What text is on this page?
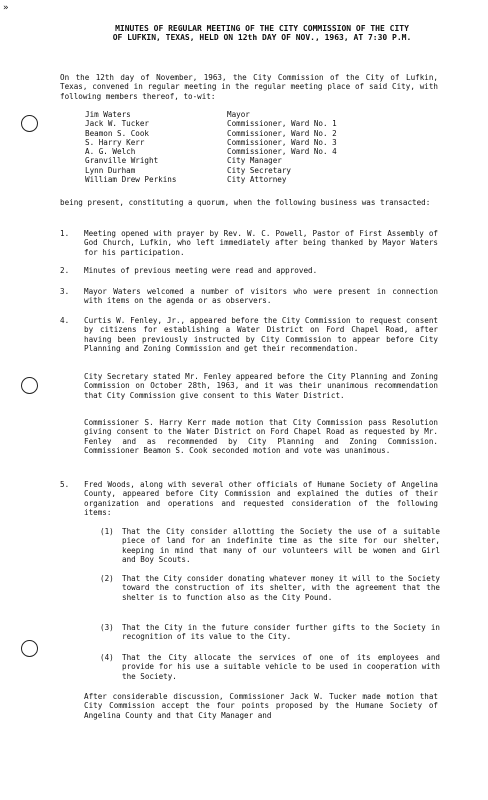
»
MINUTES OF REGULAR MEETING OF THE CITY COMMISSION OF THE CITY
OF LUFKIN, TEXAS, HELD ON 12th DAY OF NOV., 1963, AT 7:30 P.M.
On the 12th day of November, 1963, the City Commission of the City of Lufkin, Texas, convened in regular meeting in the regular meeting place of said City, with following members thereof, to-wit:
Jim Waters	Mayor
Jack W. Tucker	Commissioner, Ward No. 1
Beamon S. Cook	Commissioner, Ward No. 2
S. Harry Kerr	Commissioner, Ward No. 3
A. G. Welch	Commissioner, Ward No. 4
Granville Wright	City Manager
Lynn Durham	City Secretary
William Drew Perkins	City Attorney
being present, constituting a quorum, when the following business was transacted:
1. Meeting opened with prayer by Rev. W. C. Powell, Pastor of First Assembly of God Church, Lufkin, who left immediately after being thanked by Mayor Waters for his participation.
2. Minutes of previous meeting were read and approved.
3. Mayor Waters welcomed a number of visitors who were present in connection with items on the agenda or as observers.
4. Curtis W. Fenley, Jr., appeared before the City Commission to request consent by citizens for establishing a Water District on Ford Chapel Road, after having been previously instructed by City Commission to appear before City Planning and Zoning Commission and get their recommendation.
City Secretary stated Mr. Fenley appeared before the City Planning and Zoning Commission on October 28th, 1963, and it was their unanimous recommendation that City Commission give consent to this Water District.
Commissioner S. Harry Kerr made motion that City Commission pass Resolution giving consent to the Water District on Ford Chapel Road as requested by Mr. Fenley and as recommended by City Planning and Zoning Commission. Commissioner Beamon S. Cook seconded motion and vote was unanimous.
5. Fred Woods, along with several other officials of Humane Society of Angelina County, appeared before City Commission and explained the duties of their organization and operations and requested consideration of the following items:
(1) That the City consider allotting the Society the use of a suitable piece of land for an indefinite time as the site for our shelter, keeping in mind that many of our volunteers will be women and Girl and Boy Scouts.
(2) That the City consider donating whatever money it will to the Society toward the construction of its shelter, with the agreement that the shelter is to function also as the City Pound.
(3) That the City in the future consider further gifts to the Society in recognition of its value to the City.
(4) That the City allocate the services of one of its employees and provide for his use a suitable vehicle to be used in cooperation with the Society.
After considerable discussion, Commissioner Jack W. Tucker made motion that City Commission accept the four points proposed by the Humane Society of Angelina County and that City Manager and
